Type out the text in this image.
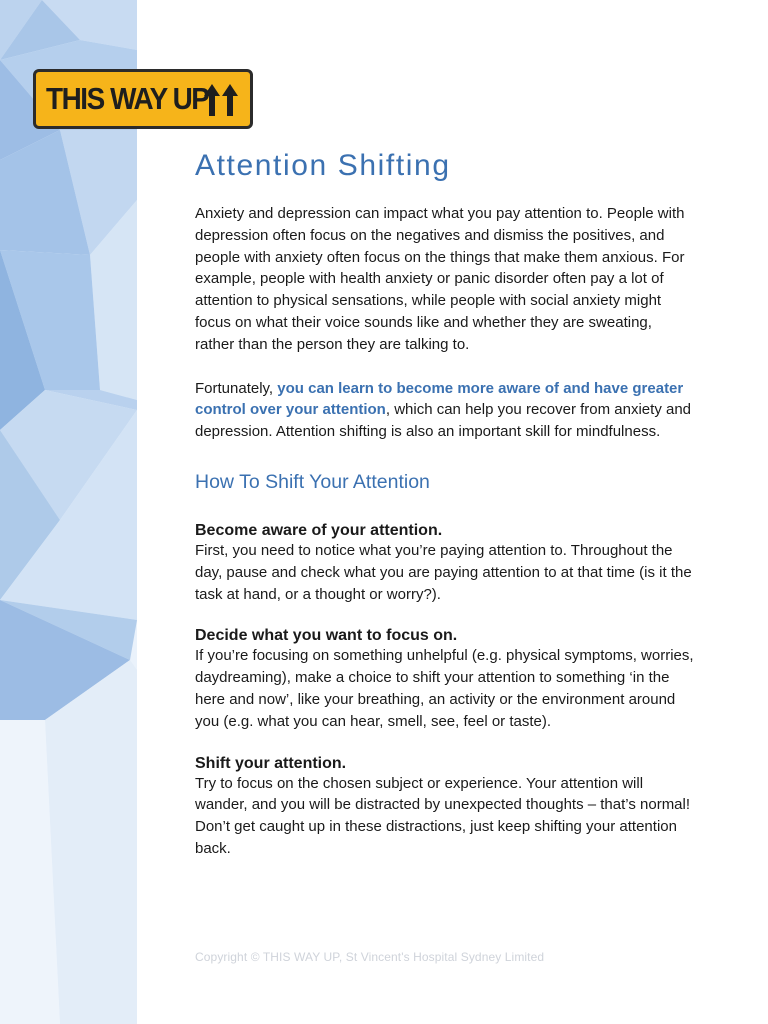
THIS WAY UP
Attention Shifting

Anxiety and depression can impact what you pay attention to. People with depression often focus on the negatives and dismiss the positives, and people with anxiety often focus on the things that make them anxious. For example, people with health anxiety or panic disorder often pay a lot of attention to physical sensations, while people with social anxiety might focus on what their voice sounds like and whether they are sweating, rather than the person they are talking to.

Fortunately, you can learn to become more aware of and have greater control over your attention, which can help you recover from anxiety and depression. Attention shifting is also an important skill for mindfulness.

How To Shift Your Attention
Become aware of your attention.

First, you need to notice what you’re paying attention to. Throughout the day, pause and check what you are paying attention to at that time (is it the task at hand, or a thought or worry?).

Decide what you want to focus on.

If you’re focusing on something unhelpful (e.g. physical symptoms, worries, daydreaming), make a choice to shift your attention to something ‘in the here and now’, like your breathing, an activity or the environment around you (e.g. what you can hear, smell, see, feel or taste).

Shift your attention.

Try to focus on the chosen subject or experience. Your attention will wander, and you will be distracted by unexpected thoughts – that’s normal! Don’t get caught up in these distractions, just keep shifting your attention back.

Copyright © THIS WAY UP, St Vincent's Hospital Sydney Limited
